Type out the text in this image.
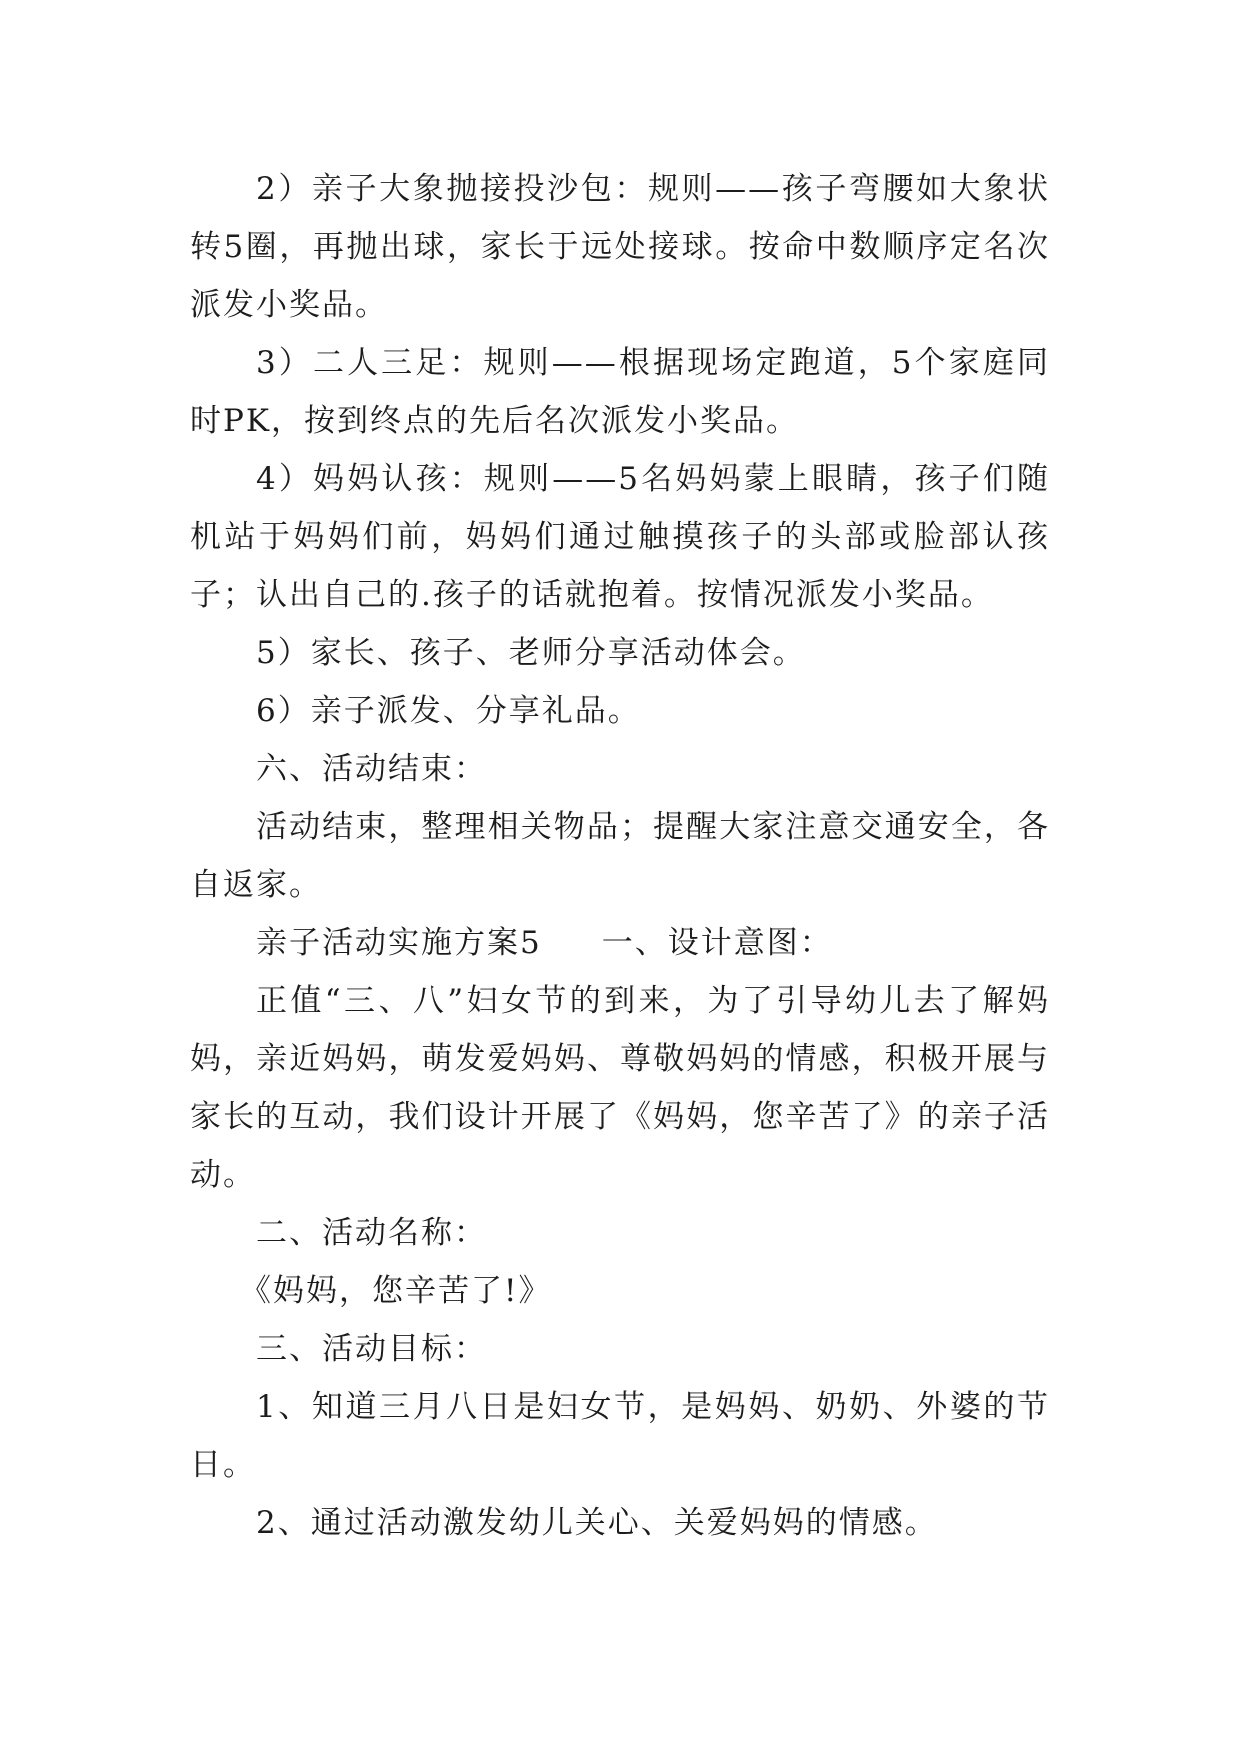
2）亲子大象抛接投沙包：规则——孩子弯腰如大象状转5圈，再抛出球，家长于远处接球。按命中数顺序定名次派发小奖品。

3）二人三足：规则——根据现场定跑道，5个家庭同时PK，按到终点的先后名次派发小奖品。

4）妈妈认孩：规则——5名妈妈蒙上眼睛，孩子们随机站于妈妈们前，妈妈们通过触摸孩子的头部或脸部认孩子；认出自己的.孩子的话就抱着。按情况派发小奖品。

5）家长、孩子、老师分享活动体会。

6）亲子派发、分享礼品。

六、活动结束：

活动结束，整理相关物品；提醒大家注意交通安全，各自返家。

亲子活动实施方案5 一、设计意图：

正值“三、八”妇女节的到来，为了引导幼儿去了解妈妈，亲近妈妈，萌发爱妈妈、尊敬妈妈的情感，积极开展与家长的互动，我们设计开展了《妈妈，您辛苦了》的亲子活动。

二、活动名称：

《妈妈，您辛苦了!》

三、活动目标：

1、知道三月八日是妇女节，是妈妈、奶奶、外婆的节日。

2、通过活动激发幼儿关心、关爱妈妈的情感。
